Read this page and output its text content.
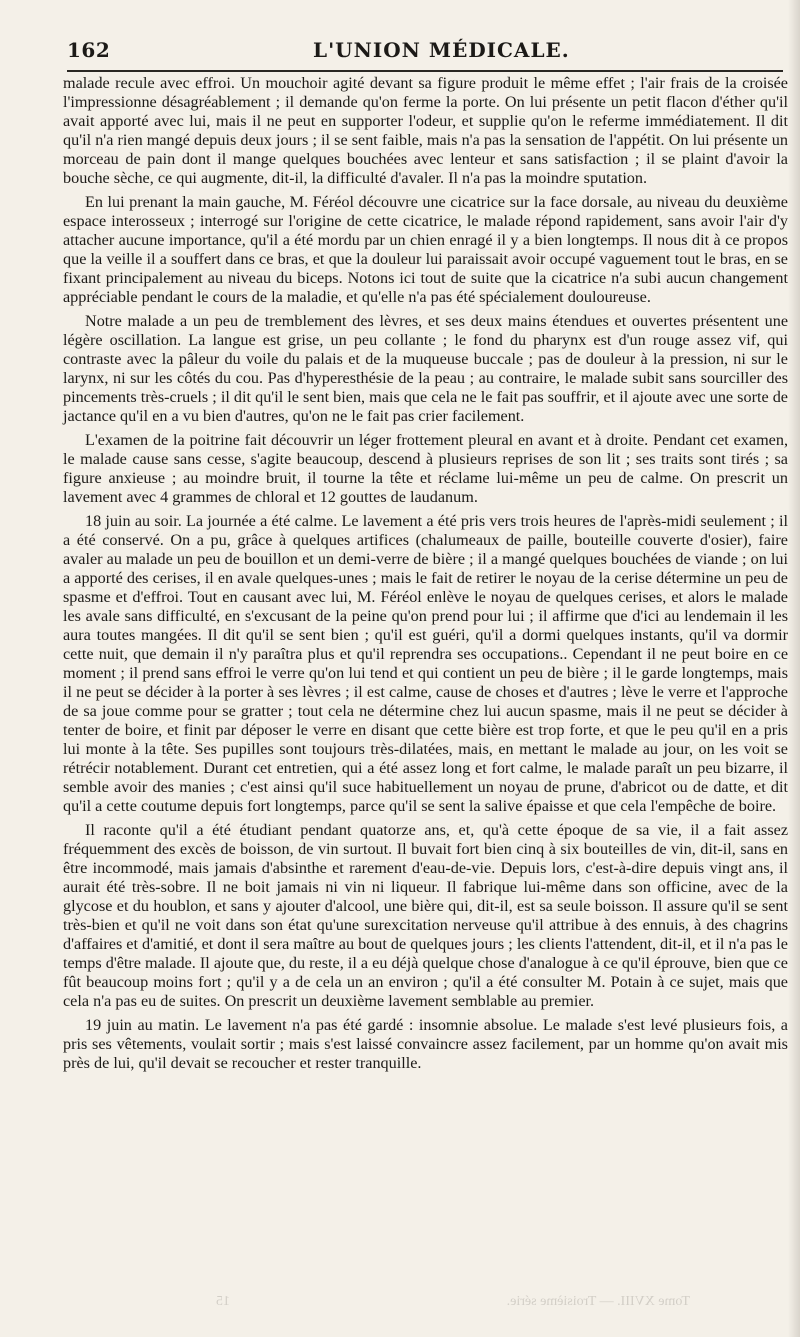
162	L'UNION MÉDICALE.

malade recule avec effroi. Un mouchoir agité devant sa figure produit le même effet ; l'air frais de la croisée l'impressionne désagréablement ; il demande qu'on ferme la porte. On lui présente un petit flacon d'éther qu'il avait apporté avec lui, mais il ne peut en supporter l'odeur, et supplie qu'on le referme immédiatement. Il dit qu'il n'a rien mangé depuis deux jours ; il se sent faible, mais n'a pas la sensation de l'appétit. On lui présente un morceau de pain dont il mange quelques bouchées avec lenteur et sans satisfaction ; il se plaint d'avoir la bouche sèche, ce qui augmente, dit-il, la difficulté d'avaler. Il n'a pas la moindre sputation.

En lui prenant la main gauche, M. Féréol découvre une cicatrice sur la face dorsale, au niveau du deuxième espace interosseux ; interrogé sur l'origine de cette cicatrice, le malade répond rapidement, sans avoir l'air d'y attacher aucune importance, qu'il a été mordu par un chien enragé il y a bien longtemps. Il nous dit à ce propos que la veille il a souffert dans ce bras, et que la douleur lui paraissait avoir occupé vaguement tout le bras, en se fixant principalement au niveau du biceps. Notons ici tout de suite que la cicatrice n'a subi aucun changement appréciable pendant le cours de la maladie, et qu'elle n'a pas été spécialement douloureuse.

Notre malade a un peu de tremblement des lèvres, et ses deux mains étendues et ouvertes présentent une légère oscillation. La langue est grise, un peu collante ; le fond du pharynx est d'un rouge assez vif, qui contraste avec la pâleur du voile du palais et de la muqueuse buccale ; pas de douleur à la pression, ni sur le larynx, ni sur les côtés du cou. Pas d'hyperesthésie de la peau ; au contraire, le malade subit sans sourciller des pincements très-cruels ; il dit qu'il le sent bien, mais que cela ne le fait pas souffrir, et il ajoute avec une sorte de jactance qu'il en a vu bien d'autres, qu'on ne le fait pas crier facilement.

L'examen de la poitrine fait découvrir un léger frottement pleural en avant et à droite. Pendant cet examen, le malade cause sans cesse, s'agite beaucoup, descend à plusieurs reprises de son lit ; ses traits sont tirés ; sa figure anxieuse ; au moindre bruit, il tourne la tête et réclame lui-même un peu de calme. On prescrit un lavement avec 4 grammes de chloral et 12 gouttes de laudanum.

18 juin au soir. La journée a été calme. Le lavement a été pris vers trois heures de l'après-midi seulement ; il a été conservé. On a pu, grâce à quelques artifices (chalumeaux de paille, bouteille couverte d'osier), faire avaler au malade un peu de bouillon et un demi-verre de bière ; il a mangé quelques bouchées de viande ; on lui a apporté des cerises, il en avale quelques-unes ; mais le fait de retirer le noyau de la cerise détermine un peu de spasme et d'effroi. Tout en causant avec lui, M. Féréol enlève le noyau de quelques cerises, et alors le malade les avale sans difficulté, en s'excusant de la peine qu'on prend pour lui ; il affirme que d'ici au lendemain il les aura toutes mangées. Il dit qu'il se sent bien ; qu'il est guéri, qu'il a dormi quelques instants, qu'il va dormir cette nuit, que demain il n'y paraîtra plus et qu'il reprendra ses occupations.. Cependant il ne peut boire en ce moment ; il prend sans effroi le verre qu'on lui tend et qui contient un peu de bière ; il le garde longtemps, mais il ne peut se décider à la porter à ses lèvres ; il est calme, cause de choses et d'autres ; lève le verre et l'approche de sa joue comme pour se gratter ; tout cela ne détermine chez lui aucun spasme, mais il ne peut se décider à tenter de boire, et finit par déposer le verre en disant que cette bière est trop forte, et que le peu qu'il en a pris lui monte à la tête. Ses pupilles sont toujours très-dilatées, mais, en mettant le malade au jour, on les voit se rétrécir notablement. Durant cet entretien, qui a été assez long et fort calme, le malade paraît un peu bizarre, il semble avoir des manies ; c'est ainsi qu'il suce habituellement un noyau de prune, d'abricot ou de datte, et dit qu'il a cette coutume depuis fort longtemps, parce qu'il se sent la salive épaisse et que cela l'empêche de boire.

Il raconte qu'il a été étudiant pendant quatorze ans, et, qu'à cette époque de sa vie, il a fait assez fréquemment des excès de boisson, de vin surtout. Il buvait fort bien cinq à six bouteilles de vin, dit-il, sans en être incommodé, mais jamais d'absinthe et rarement d'eau-de-vie. Depuis lors, c'est-à-dire depuis vingt ans, il aurait été très-sobre. Il ne boit jamais ni vin ni liqueur. Il fabrique lui-même dans son officine, avec de la glycose et du houblon, et sans y ajouter d'alcool, une bière qui, dit-il, est sa seule boisson. Il assure qu'il se sent très-bien et qu'il ne voit dans son état qu'une surexcitation nerveuse qu'il attribue à des ennuis, à des chagrins d'affaires et d'amitié, et dont il sera maître au bout de quelques jours ; les clients l'attendent, dit-il, et il n'a pas le temps d'être malade. Il ajoute que, du reste, il a eu déjà quelque chose d'analogue à ce qu'il éprouve, bien que ce fût beaucoup moins fort ; qu'il y a de cela un an environ ; qu'il a été consulter M. Potain à ce sujet, mais que cela n'a pas eu de suites. On prescrit un deuxième lavement semblable au premier.

19 juin au matin. Le lavement n'a pas été gardé : insomnie absolue. Le malade s'est levé plusieurs fois, a pris ses vêtements, voulait sortir ; mais s'est laissé convaincre assez facilement, par un homme qu'on avait mis près de lui, qu'il devait se recoucher et rester tranquille.

Tome XVIII. — Troisième série.
15
